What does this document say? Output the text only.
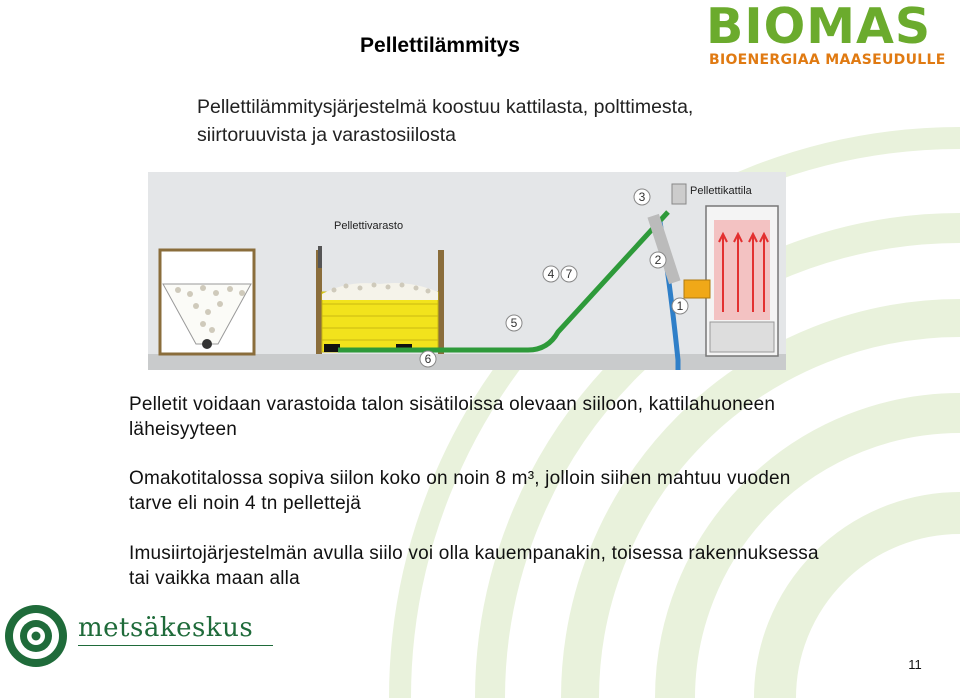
Pellettilämmitys
Pellettilämmitysjärjestelmä koostuu kattilasta, polttimesta, siirtoruuvista ja varastosiilosta
BIOMAS
BIOENERGIAA MAASEUDULLE
Pellettivarasto
Pellettikattila
1
2
3
4 7
5
6
Pelletit voidaan varastoida talon sisätiloissa olevaan siiloon, kattilahuoneen läheisyyteen
Omakotitalossa sopiva siilon koko on noin 8 m³, jolloin siihen mahtuu vuoden tarve eli noin 4 tn pellettejä
Imusiirtojärjestelmän avulla siilo voi olla kauempanakin, toisessa rakennuksessa tai vaikka maan alla
metsäkeskus
11
